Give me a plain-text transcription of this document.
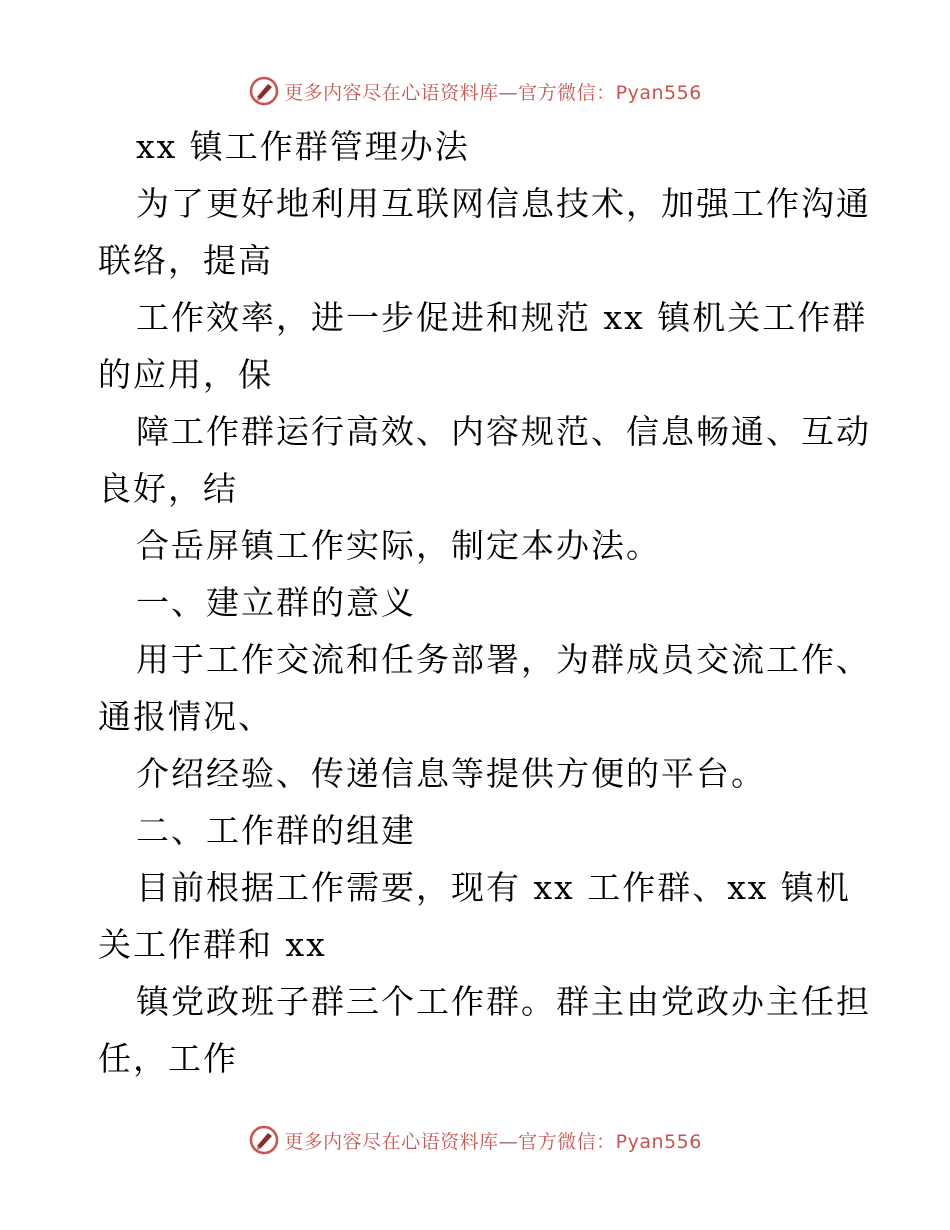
更多内容尽在心语资料库—官方微信：Pyan556
xx 镇工作群管理办法
为了更好地利用互联网信息技术，加强工作沟通
联络，提高
工作效率，进一步促进和规范 xx 镇机关工作群
的应用，保
障工作群运行高效、内容规范、信息畅通、互动
良好，结
合岳屏镇工作实际，制定本办法。
一、建立群的意义
用于工作交流和任务部署，为群成员交流工作、
通报情况、
介绍经验、传递信息等提供方便的平台。
二、工作群的组建
目前根据工作需要，现有 xx 工作群、xx 镇机
关工作群和 xx
镇党政班子群三个工作群。群主由党政办主任担
任，工作
更多内容尽在心语资料库—官方微信：Pyan556
